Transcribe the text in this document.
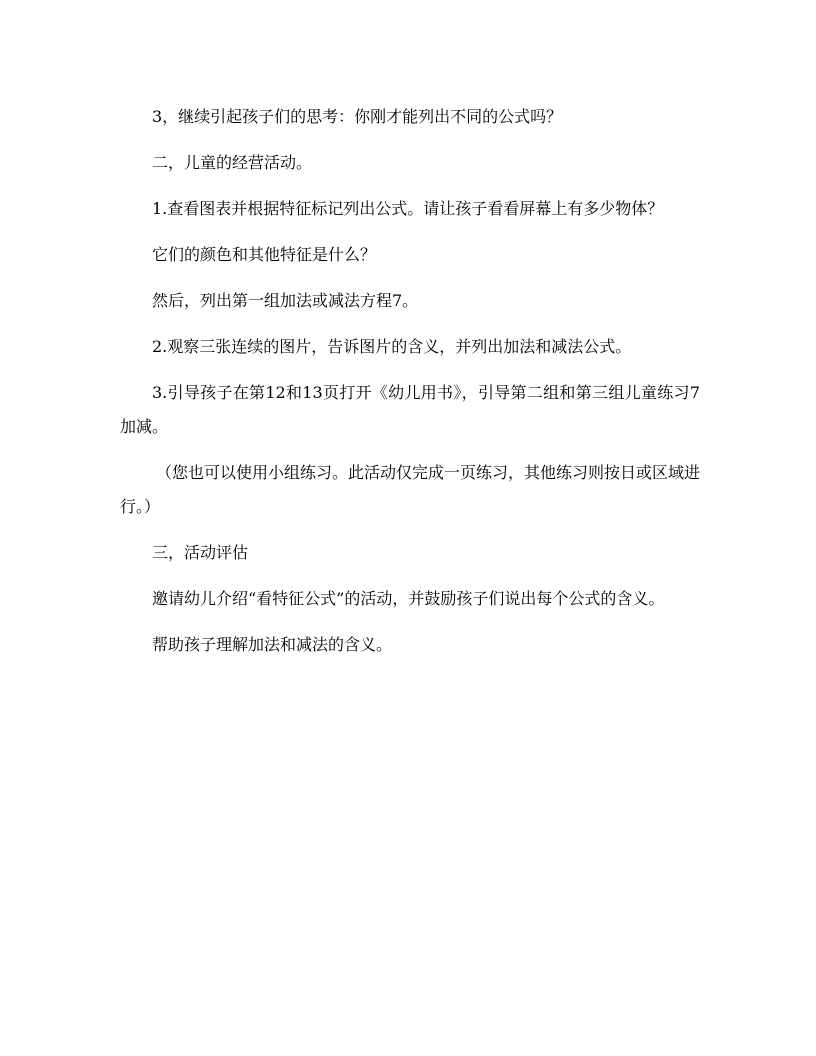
3，继续引起孩子们的思考：你刚才能列出不同的公式吗？

二，儿童的经营活动。

1.查看图表并根据特征标记列出公式。请让孩子看看屏幕上有多少物体？

它们的颜色和其他特征是什么？

然后，列出第一组加法或减法方程7。

2.观察三张连续的图片，告诉图片的含义，并列出加法和减法公式。

3.引导孩子在第12和13页打开《幼儿用书》，引导第二组和第三组儿童练习7加减。

（您也可以使用小组练习。此活动仅完成一页练习，其他练习则按日或区域进行。）

三，活动评估

邀请幼儿介绍“看特征公式”的活动，并鼓励孩子们说出每个公式的含义。

帮助孩子理解加法和减法的含义。
